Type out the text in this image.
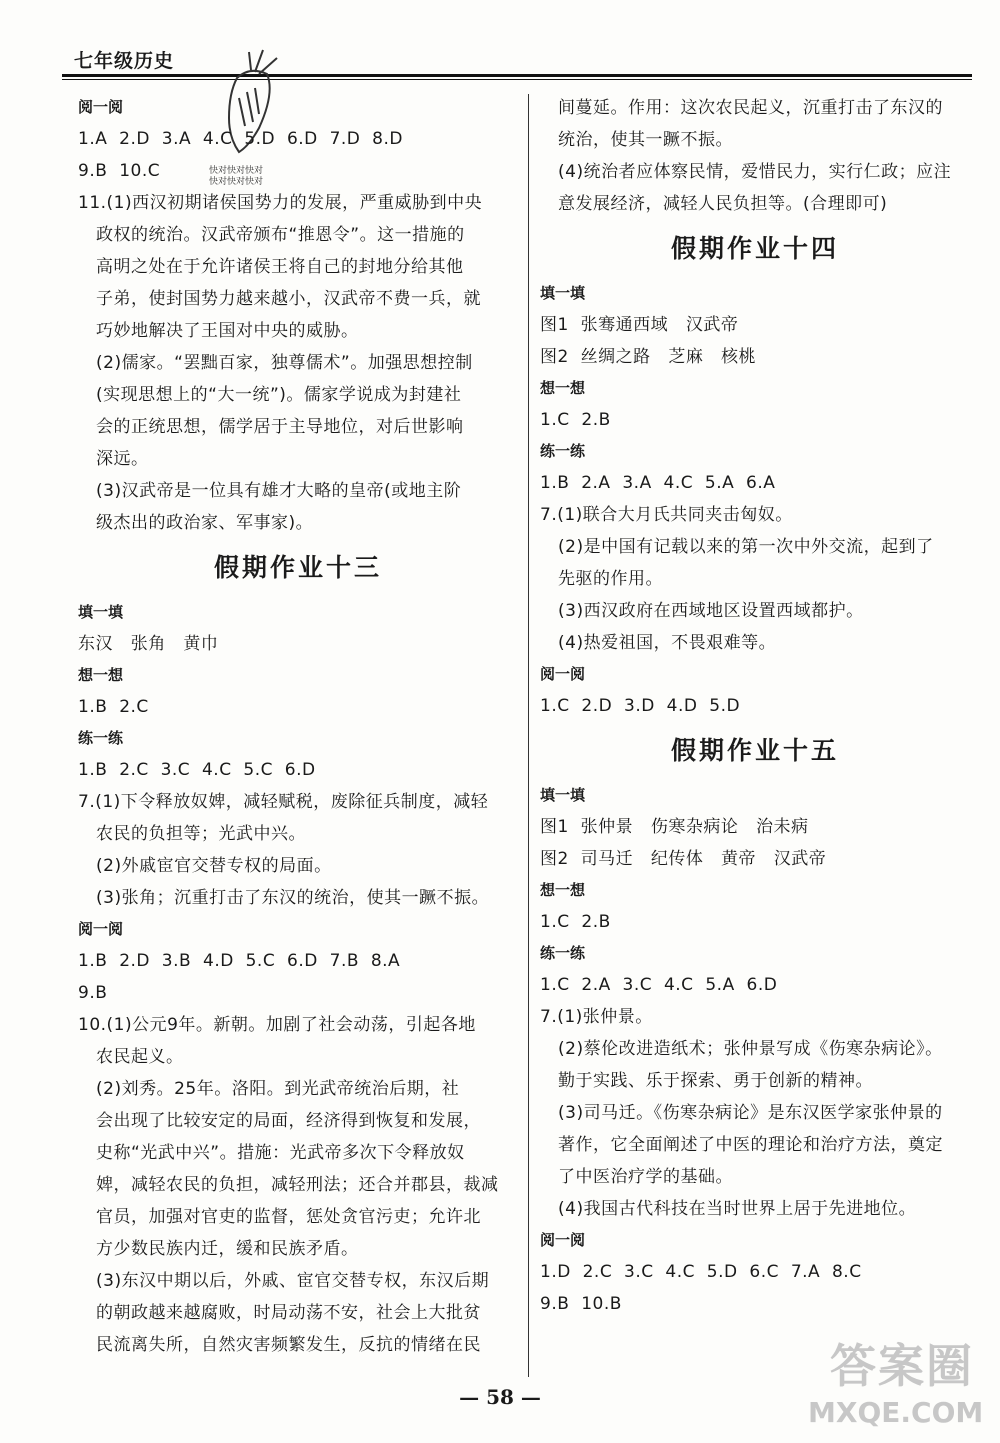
七年级历史
快对快对快对
快对快对快对
阅一阅
1.A  2.D  3.A  4.C  5.D  6.D  7.D  8.D
9.B  10.C
11.(1)西汉初期诸侯国势力的发展，严重威胁到中央
政权的统治。汉武帝颁布“推恩令”。这一措施的
高明之处在于允许诸侯王将自己的封地分给其他
子弟，使封国势力越来越小，汉武帝不费一兵，就
巧妙地解决了王国对中央的威胁。
(2)儒家。“罢黜百家，独尊儒术”。加强思想控制
(实现思想上的“大一统”)。儒家学说成为封建社
会的正统思想，儒学居于主导地位，对后世影响
深远。
(3)汉武帝是一位具有雄才大略的皇帝(或地主阶
级杰出的政治家、军事家)。
假期作业十三
填一填
东汉   张角   黄巾
想一想
1.B  2.C
练一练
1.B  2.C  3.C  4.C  5.C  6.D
7.(1)下令释放奴婢，减轻赋税，废除征兵制度，减轻
农民的负担等；光武中兴。
(2)外戚宦官交替专权的局面。
(3)张角；沉重打击了东汉的统治，使其一蹶不振。
阅一阅
1.B  2.D  3.B  4.D  5.C  6.D  7.B  8.A
9.B
10.(1)公元9年。新朝。加剧了社会动荡，引起各地
农民起义。
(2)刘秀。25年。洛阳。到光武帝统治后期，社
会出现了比较安定的局面，经济得到恢复和发展，
史称“光武中兴”。措施：光武帝多次下令释放奴
婢，减轻农民的负担，减轻刑法；还合并郡县，裁减
官员，加强对官吏的监督，惩处贪官污吏；允许北
方少数民族内迁，缓和民族矛盾。
(3)东汉中期以后，外戚、宦官交替专权，东汉后期
的朝政越来越腐败，时局动荡不安，社会上大批贫
民流离失所，自然灾害频繁发生，反抗的情绪在民
间蔓延。作用：这次农民起义，沉重打击了东汉的
统治，使其一蹶不振。
(4)统治者应体察民情，爱惜民力，实行仁政；应注
意发展经济，减轻人民负担等。(合理即可)
假期作业十四
填一填
图1  张骞通西域   汉武帝
图2  丝绸之路   芝麻   核桃
想一想
1.C  2.B
练一练
1.B  2.A  3.A  4.C  5.A  6.A
7.(1)联合大月氏共同夹击匈奴。
(2)是中国有记载以来的第一次中外交流，起到了
先驱的作用。
(3)西汉政府在西域地区设置西域都护。
(4)热爱祖国，不畏艰难等。
阅一阅
1.C  2.D  3.D  4.D  5.D
假期作业十五
填一填
图1  张仲景   伤寒杂病论   治未病
图2  司马迁   纪传体   黄帝   汉武帝
想一想
1.C  2.B
练一练
1.C  2.A  3.C  4.C  5.A  6.D
7.(1)张仲景。
(2)蔡伦改进造纸术；张仲景写成《伤寒杂病论》。
勤于实践、乐于探索、勇于创新的精神。
(3)司马迁。《伤寒杂病论》是东汉医学家张仲景的
著作，它全面阐述了中医的理论和治疗方法，奠定
了中医治疗学的基础。
(4)我国古代科技在当时世界上居于先进地位。
阅一阅
1.D  2.C  3.C  4.C  5.D  6.C  7.A  8.C
9.B  10.B
— 58 —
答案圈
MXQE.COM
